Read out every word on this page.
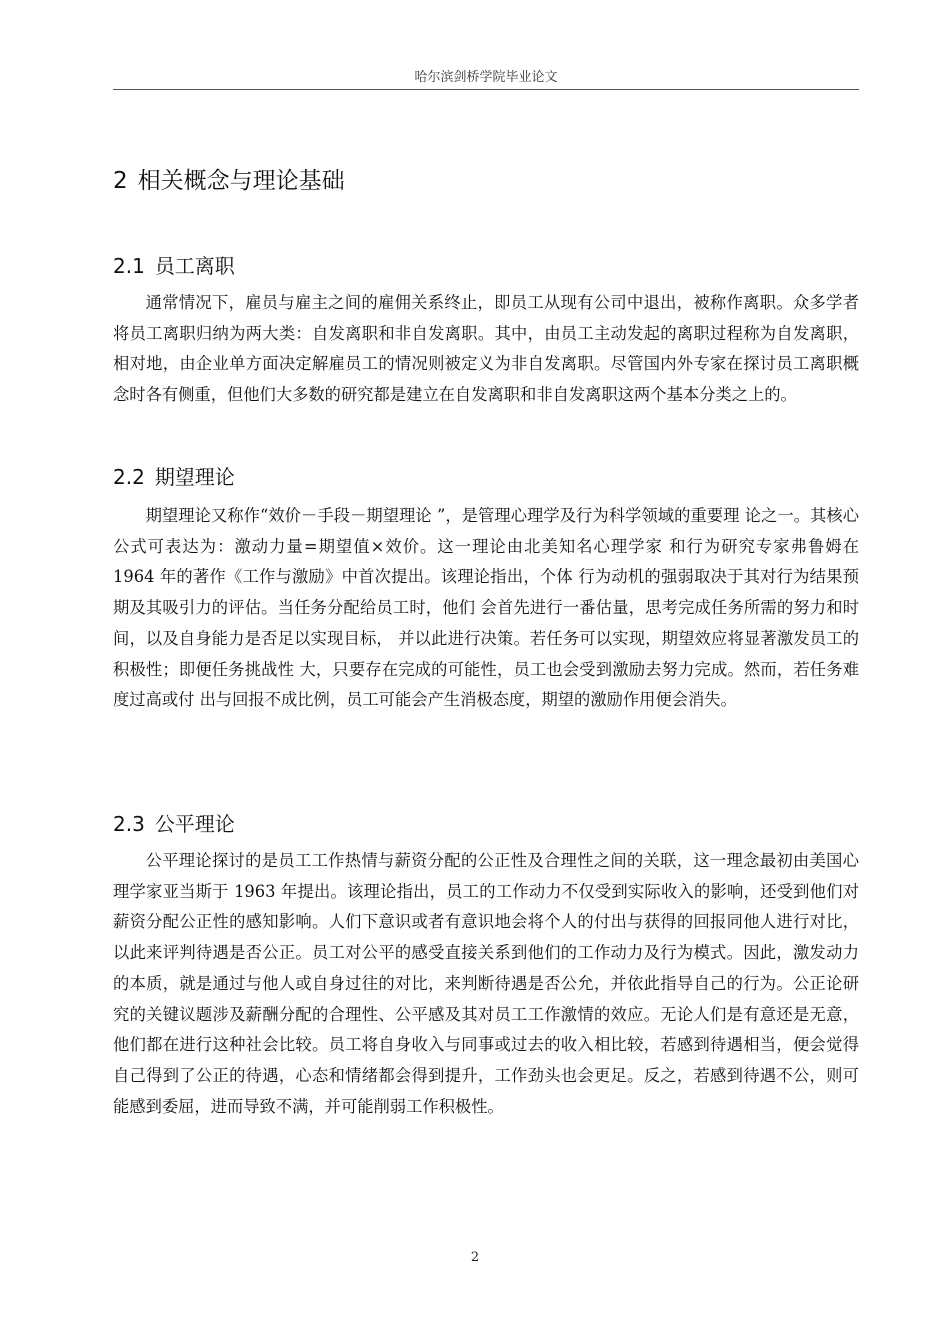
哈尔滨剑桥学院毕业论文
2 相关概念与理论基础
2.1 员工离职

通常情况下，雇员与雇主之间的雇佣关系终止，即员工从现有公司中退出，被称作离职。众多学者将员工离职归纳为两大类：自发离职和非自发离职。其中，由员工主动发起的离职过程称为自发离职，相对地，由企业单方面决定解雇员工的情况则被定义为非自发离职。尽管国内外专家在探讨员工离职概念时各有侧重，但他们大多数的研究都是建立在自发离职和非自发离职这两个基本分类之上的。

2.2 期望理论

期望理论又称作“效价－手段－期望理论 ”，是管理心理学及行为科学领域的重要理 论之一。其核心公式可表达为：激动力量=期望值×效价。这一理论由北美知名心理学家 和行为研究专家弗鲁姆在 1964 年的著作《工作与激励》中首次提出。该理论指出，个体 行为动机的强弱取决于其对行为结果预期及其吸引力的评估。当任务分配给员工时，他们 会首先进行一番估量，思考完成任务所需的努力和时间，以及自身能力是否足以实现目标， 并以此进行决策。若任务可以实现，期望效应将显著激发员工的积极性；即便任务挑战性 大，只要存在完成的可能性，员工也会受到激励去努力完成。然而，若任务难度过高或付 出与回报不成比例，员工可能会产生消极态度，期望的激励作用便会消失。

2.3 公平理论

公平理论探讨的是员工工作热情与薪资分配的公正性及合理性之间的关联，这一理念最初由美国心理学家亚当斯于 1963 年提出。该理论指出，员工的工作动力不仅受到实际收入的影响，还受到他们对薪资分配公正性的感知影响。人们下意识或者有意识地会将个人的付出与获得的回报同他人进行对比，以此来评判待遇是否公正。员工对公平的感受直接关系到他们的工作动力及行为模式。因此，激发动力的本质，就是通过与他人或自身过往的对比，来判断待遇是否公允，并依此指导自己的行为。公正论研究的关键议题涉及薪酬分配的合理性、公平感及其对员工工作激情的效应。无论人们是有意还是无意，他们都在进行这种社会比较。员工将自身收入与同事或过去的收入相比较，若感到待遇相当，便会觉得自己得到了公正的待遇，心态和情绪都会得到提升，工作劲头也会更足。反之，若感到待遇不公，则可能感到委屈，进而导致不满，并可能削弱工作积极性。

2
